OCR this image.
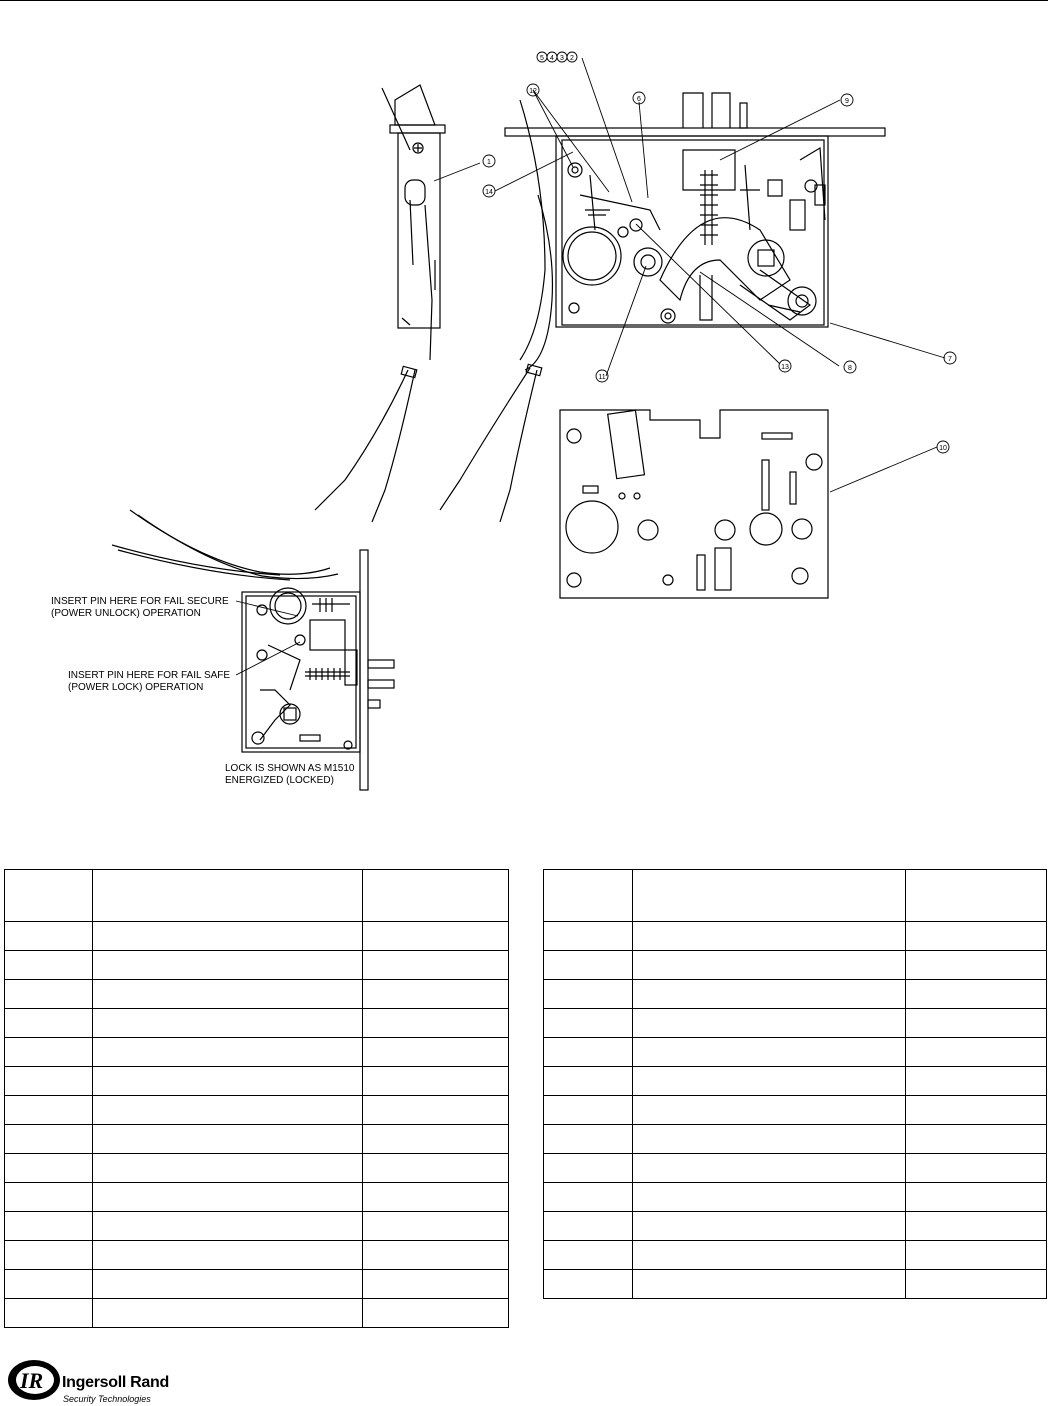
1
2
3
4
5
6
7
8
9
10
11
12
13
14
INSERT PIN HERE FOR FAIL SECURE
(POWER UNLOCK) OPERATION
INSERT PIN HERE FOR FAIL SAFE
(POWER LOCK) OPERATION
LOCK IS SHOWN AS M1510
ENERGIZED (LOCKED)

IR Ingersoll Rand
Security Technologies
